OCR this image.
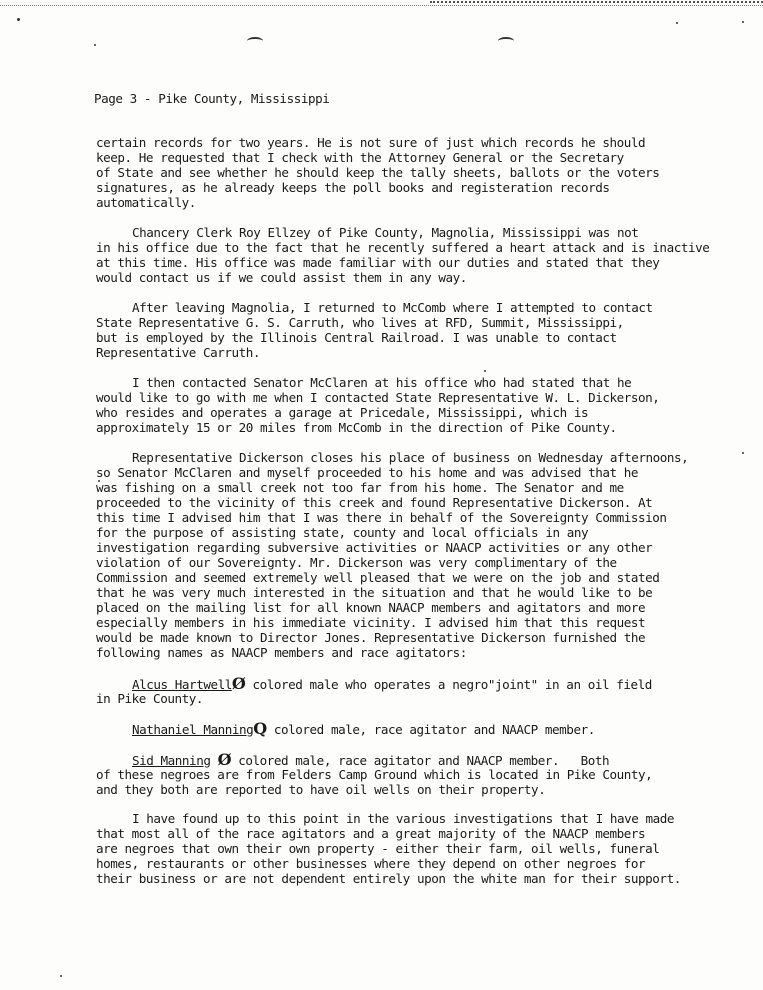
Page 3 - Pike County, Mississippi
certain records for two years. He is not sure of just which records he should
keep. He requested that I check with the Attorney General or the Secretary
of State and see whether he should keep the tally sheets, ballots or the voters
signatures, as he already keeps the poll books and registeration records
automatically.
Chancery Clerk Roy Ellzey of Pike County, Magnolia, Mississippi was not
in his office due to the fact that he recently suffered a heart attack and is inactive
at this time. His office was made familiar with our duties and stated that they
would contact us if we could assist them in any way.
After leaving Magnolia, I returned to McComb where I attempted to contact
State Representative G. S. Carruth, who lives at RFD, Summit, Mississippi,
but is employed by the Illinois Central Railroad. I was unable to contact
Representative Carruth.
I then contacted Senator McClaren at his office who had stated that he
would like to go with me when I contacted State Representative W. L. Dickerson,
who resides and operates a garage at Pricedale, Mississippi, which is
approximately 15 or 20 miles from McComb in the direction of Pike County.
Representative Dickerson closes his place of business on Wednesday afternoons,
so Senator McClaren and myself proceeded to his home and was advised that he
was fishing on a small creek not too far from his home. The Senator and me
proceeded to the vicinity of this creek and found Representative Dickerson. At
this time I advised him that I was there in behalf of the Sovereignty Commission
for the purpose of assisting state, county and local officials in any
investigation regarding subversive activities or NAACP activities or any other
violation of our Sovereignty. Mr. Dickerson was very complimentary of the
Commission and seemed extremely well pleased that we were on the job and stated
that he was very much interested in the situation and that he would like to be
placed on the mailing list for all known NAACP members and agitators and more
especially members in his immediate vicinity. I advised him that this request
would be made known to Director Jones. Representative Dickerson furnished the
following names as NAACP members and race agitators:
Alcus HartwellØ colored male who operates a negro"joint" in an oil field
in Pike County.
Nathaniel ManningQ colored male, race agitator and NAACP member.
Sid Manning Ø colored male, race agitator and NAACP member.   Both
of these negroes are from Felders Camp Ground which is located in Pike County,
and they both are reported to have oil wells on their property.
I have found up to this point in the various investigations that I have made
that most all of the race agitators and a great majority of the NAACP members
are negroes that own their own property - either their farm, oil wells, funeral
homes, restaurants or other businesses where they depend on other negroes for
their business or are not dependent entirely upon the white man for their support.
